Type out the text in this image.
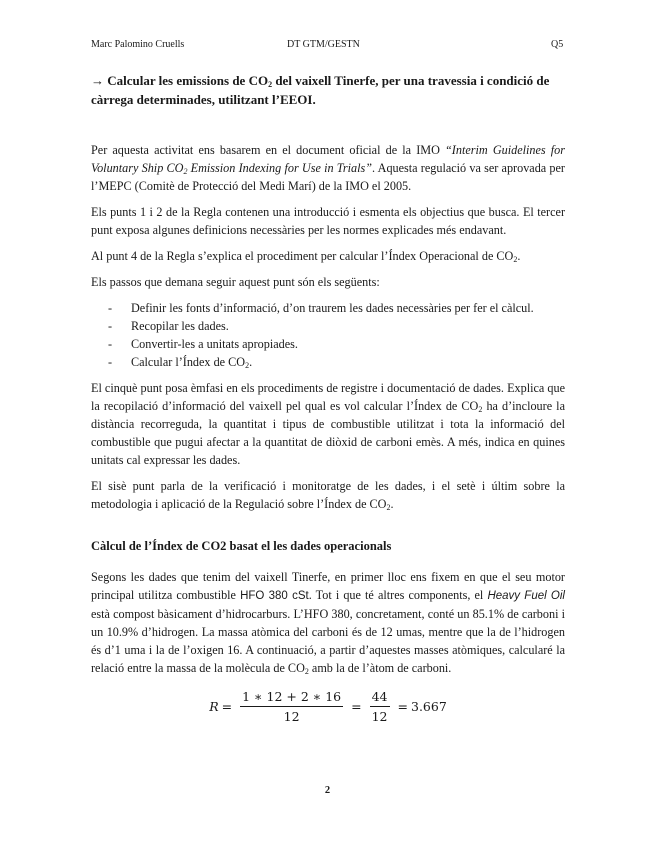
Marc Palomino Cruells	DT GTM/GESTN	Q5
→ Calcular les emissions de $CO_2$ del vaixell Tinerfe, per una travessia i condició de càrrega determinades, utilitzant l’EEOI.

Per aquesta activitat ens basarem en el document oficial de la IMO “Interim Guidelines for Voluntary Ship $CO_2$ Emission Indexing for Use in Trials”. Aquesta regulació va ser aprovada per l’MEPC (Comitè de Protecció del Medi Marí) de la IMO el 2005.

Els punts 1 i 2 de la Regla contenen una introducció i esmenta els objectius que busca. El tercer punt exposa algunes definicions necessàries per les normes explicades més endavant.

Al punt 4 de la Regla s’explica el procediment per calcular l’Índex Operacional de $CO_2$.

Els passos que demana seguir aquest punt són els següents:

- Definir les fonts d’informació, d’on traurem les dades necessàries per fer el càlcul.
- Recopilar les dades.
- Convertir-les a unitats apropiades.
- Calcular l’Índex de $CO_2$.

El cinquè punt posa èmfasi en els procediments de registre i documentació de dades. Explica que la recopilació d’informació del vaixell pel qual es vol calcular l’Índex de $CO_2$ ha d’incloure la distància recorreguda, la quantitat i tipus de combustible utilitzat i tota la informació del combustible que pugui afectar a la quantitat de diòxid de carboni emès. A més, indica en quines unitats cal expressar les dades.

El sisè punt parla de la verificació i monitoratge de les dades, i el setè i últim sobre la metodologia i aplicació de la Regulació sobre l’Índex de $CO_2$.

Càlcul de l’Índex de CO2 basat el les dades operacionals

Segons les dades que tenim del vaixell Tinerfe, en primer lloc ens fixem en que el seu motor principal utilitza combustible HFO 380 cSt. Tot i que té altres components, el Heavy Fuel Oil està compost bàsicament d’hidrocarburs. L’HFO 380, concretament, conté un 85.1% de carboni i un 10.9% d’hidrogen. La massa atòmica del carboni és de 12 umas, mentre que la de l’hidrogen és d’1 uma i la de l’oxigen 16. A continuació, a partir d’aquestes masses atòmiques, calcularé la relació entre la massa de la molècula de $CO_2$ amb la de l’àtom de carboni.

$R = \frac{1 ∗ 12 + 2 ∗ 16}{12} = \frac{44}{12} = 3.667$
2
